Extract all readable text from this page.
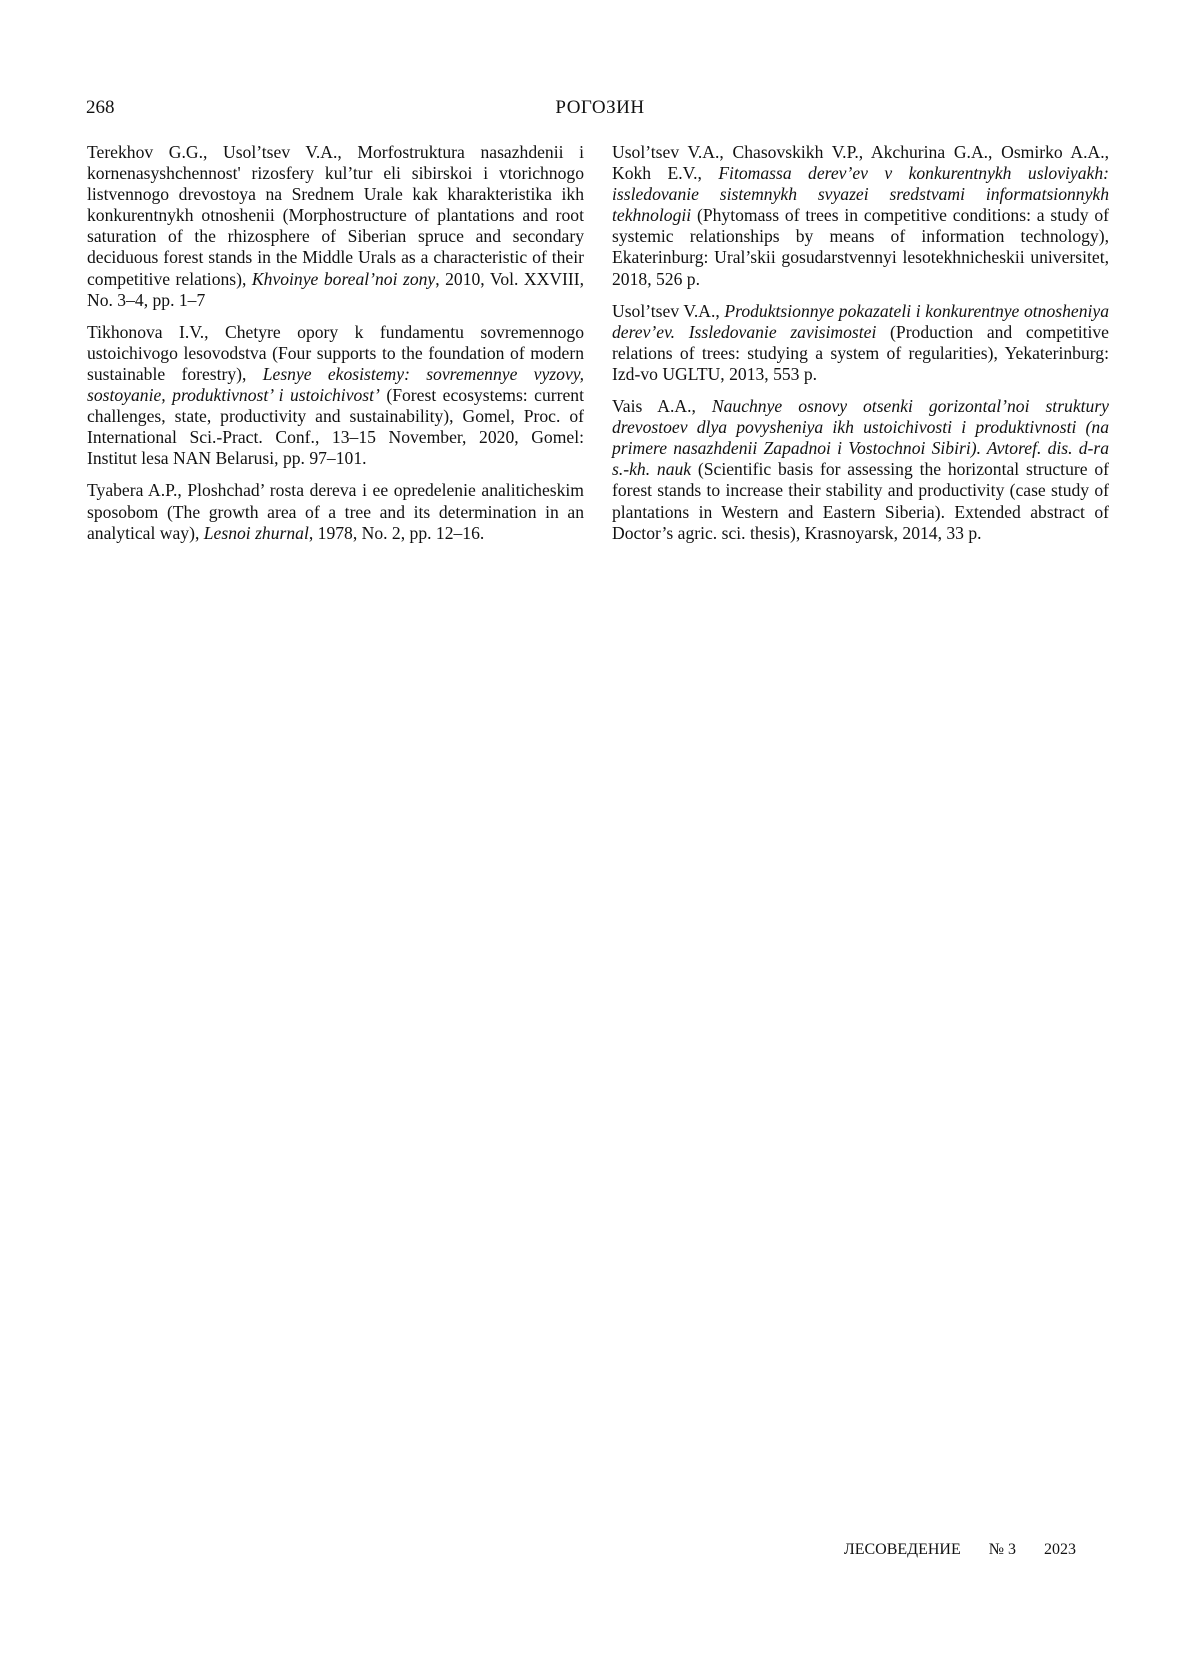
268	РОГОЗИН

Terekhov G.G., Usol’tsev V.A., Morfostruktura nasazhdenii i kornenasyshchennost' rizosfery kul’tur eli sibirskoi i vtorichnogo listvennogo drevostoya na Srednem Urale kak kharakteristika ikh konkurentnykh otnoshenii (Morphostructure of plantations and root saturation of the rhizosphere of Siberian spruce and secondary deciduous forest stands in the Middle Urals as a characteristic of their competitive relations), Khvoinye boreal’noi zony, 2010, Vol. XXVIII, No. 3–4, pp. 1–7

Tikhonova I.V., Chetyre opory k fundamentu sovremennogo ustoichivogo lesovodstva (Four supports to the foundation of modern sustainable forestry), Lesnye ekosistemy: sovremennye vyzovy, sostoyanie, produktivnost’ i ustoichivost’ (Forest ecosystems: current challenges, state, productivity and sustainability), Gomel, Proc. of International Sci.-Pract. Conf., 13–15 November, 2020, Gomel: Institut lesa NAN Belarusi, pp. 97–101.

Tyabera A.P., Ploshchad’ rosta dereva i ee opredelenie analiticheskim sposobom (The growth area of a tree and its determination in an analytical way), Lesnoi zhurnal, 1978, No. 2, pp. 12–16.

Usol’tsev V.A., Chasovskikh V.P., Akchurina G.A., Osmirko A.A., Kokh E.V., Fitomassa derev’ev v konkurentnykh usloviyakh: issledovanie sistemnykh svyazei sredstvami informatsionnykh tekhnologii (Phytomass of trees in competitive conditions: a study of systemic relationships by means of information technology), Ekaterinburg: Ural’skii gosudarstvennyi lesotekhnicheskii universitet, 2018, 526 p.

Usol’tsev V.A., Produktsionnye pokazateli i konkurentnye otnosheniya derev’ev. Issledovanie zavisimostei (Production and competitive relations of trees: studying a system of regularities), Yekaterinburg: Izd-vo UGLTU, 2013, 553 p.

Vais A.A., Nauchnye osnovy otsenki gorizontal’noi struktury drevostoev dlya povysheniya ikh ustoichivosti i produktivnosti (na primere nasazhdenii Zapadnoi i Vostochnoi Sibiri). Avtoref. dis. d-ra s.-kh. nauk (Scientific basis for assessing the horizontal structure of forest stands to increase their stability and productivity (case study of plantations in Western and Eastern Siberia). Extended abstract of Doctor’s agric. sci. thesis), Krasnoyarsk, 2014, 33 p.

ЛЕСОВЕДЕНИЕ № 3 2023
